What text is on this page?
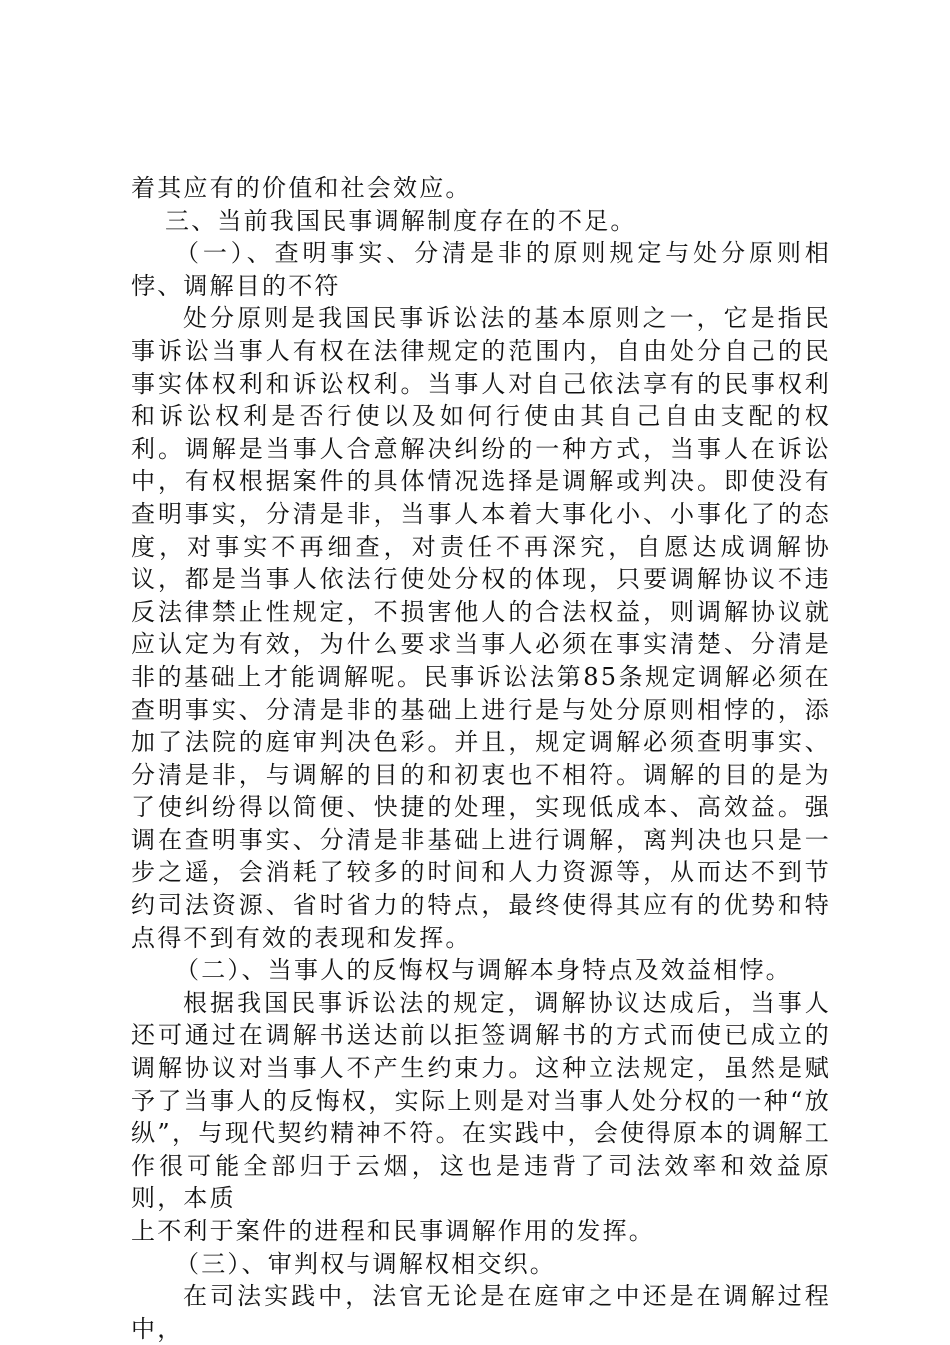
着其应有的价值和社会效应。

三、当前我国民事调解制度存在的不足。

（一）、查明事实、分清是非的原则规定与处分原则相悖、调解目的不符

处分原则是我国民事诉讼法的基本原则之一，它是指民事诉讼当事人有权在法律规定的范围内，自由处分自己的民事实体权利和诉讼权利。当事人对自己依法享有的民事权利和诉讼权利是否行使以及如何行使由其自己自由支配的权利。调解是当事人合意解决纠纷的一种方式，当事人在诉讼中，有权根据案件的具体情况选择是调解或判决。即使没有查明事实，分清是非，当事人本着大事化小、小事化了的态度，对事实不再细查，对责任不再深究，自愿达成调解协议，都是当事人依法行使处分权的体现，只要调解协议不违反法律禁止性规定，不损害他人的合法权益，则调解协议就应认定为有效，为什么要求当事人必须在事实清楚、分清是非的基础上才能调解呢。民事诉讼法第85条规定调解必须在查明事实、分清是非的基础上进行是与处分原则相悖的，添加了法院的庭审判决色彩。并且，规定调解必须查明事实、分清是非，与调解的目的和初衷也不相符。调解的目的是为了使纠纷得以简便、快捷的处理，实现低成本、高效益。强调在查明事实、分清是非基础上进行调解，离判决也只是一步之遥，会消耗了较多的时间和人力资源等，从而达不到节约司法资源、省时省力的特点，最终使得其应有的优势和特点得不到有效的表现和发挥。

（二）、当事人的反悔权与调解本身特点及效益相悖。

根据我国民事诉讼法的规定，调解协议达成后，当事人还可通过在调解书送达前以拒签调解书的方式而使已成立的调解协议对当事人不产生约束力。这种立法规定，虽然是赋予了当事人的反悔权，实际上则是对当事人处分权的一种“放纵”，与现代契约精神不符。在实践中，会使得原本的调解工作很可能全部归于云烟，这也是违背了司法效率和效益原则，本质

上不利于案件的进程和民事调解作用的发挥。

（三）、审判权与调解权相交织。

在司法实践中，法官无论是在庭审之中还是在调解过程中，
